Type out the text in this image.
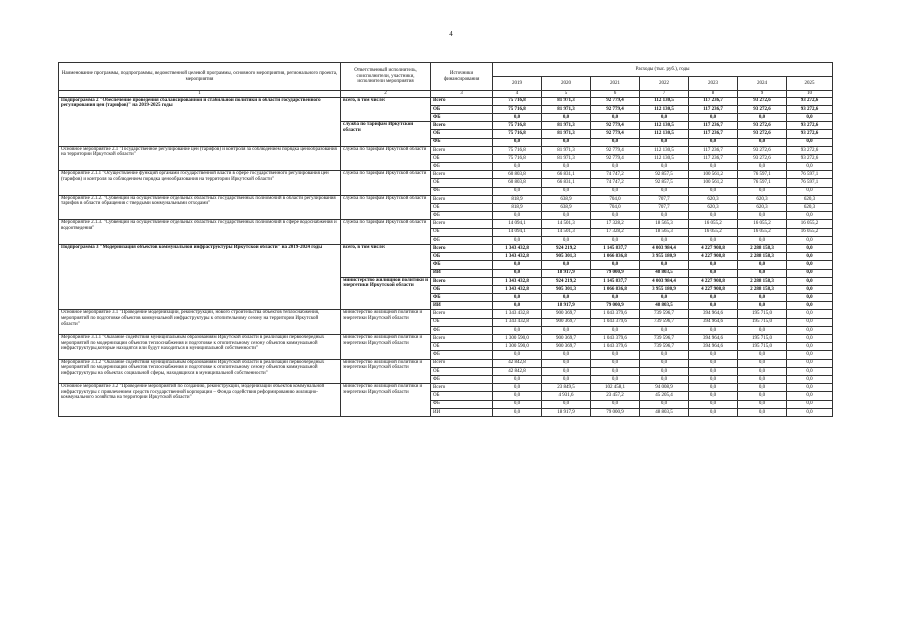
4
Наименование программы, подпрограммы, ведомственной целевой программы, основного мероприятия, регионального проекта, мероприятия	Ответственный исполнитель, соисполнители, участники, исполнители мероприятия	Источники финансирования	Расходы (тыс. руб.), годы						
			2019	2020	2021	2022	2023	2024	2025
1	2	3	4	5	6	7	8	9	10
Подпрограмма 2 "Обеспечение проведения сбалансированной и стабильной политики в области государственного регулирования цен (тарифов)" на 2019-2025 годы	всего, в том числе:	Всего	75 716,8	81 971,3	92 779,4	112 130,5	117 236,7	93 272,6	93 272,6
		ОБ	75 716,8	81 971,3	92 779,4	112 130,5	117 236,7	93 272,6	93 272,6
		ФБ	0,0	0,0	0,0	0,0	0,0	0,0	0,0
	служба по тарифам Иркутской области	Всего	75 716,8	81 971,3	92 779,4	112 130,5	117 236,7	93 272,6	93 272,6
		ОБ	75 716,8	81 971,3	92 779,4	112 130,5	117 236,7	93 272,6	93 272,6
		ФБ	0,0	0,0	0,0	0,0	0,0	0,0	0,0
Основное мероприятие 2.1 "Государственное регулирование цен (тарифов) и контроля за соблюдением порядка ценообразования на территории Иркутской области"	служба по тарифам Иркутской области	Всего	75 716,8	81 971,3	92 779,4	112 130,5	117 236,7	93 272,6	93 272,6
		ОБ	75 716,8	81 971,3	92 779,4	112 130,5	117 236,7	93 272,6	93 272,6
		ФБ	0,0	0,0	0,0	0,0	0,0	0,0	0,0
Мероприятие 2.1.1 "Осуществление функций органами государственной власти в сфере государственного регулирования цен (тарифов) и контроля за соблюдением порядка ценообразования на территории Иркутской области"	служба по тарифам Иркутской области	Всего	60 803,8	66 831,1	74 747,2	92 857,5	100 561,2	76 597,1	76 597,1
		ОБ	60 803,8	66 831,1	74 747,2	92 857,5	100 561,2	76 597,1	76 597,1
		ФБ	0,0	0,0	0,0	0,0	0,0	0,0	0,0
Мероприятие 2.1.2. "Субвенции на осуществление отдельных областных государственных полномочий в области регулирования тарифов в области обращения с твердыми коммунальными отходами"	служба по тарифам Иркутской области	Всего	818,9	638,9	704,0	707,7	620,3	620,3	620,3
		ОБ	818,9	638,9	704,0	707,7	620,3	620,3	620,3
		ФБ	0,0	0,0	0,0	0,0	0,0	0,0	0,0
Мероприятие 2.1.3. "Субвенции на осуществление отдельных областных государственных полномочий в сфере водоснабжения и водоотведения"	служба по тарифам Иркутской области	Всего	14 094,1	14 501,3	17 328,2	18 565,3	16 055,2	16 055,2	16 055,2
		ОБ	14 094,1	14 501,3	17 328,2	18 565,3	16 055,2	16 055,2	16 055,2
		ФБ	0,0	0,0	0,0	0,0	0,0	0,0	0,0
Подпрограмма 3 "Модернизация объектов коммунальной инфраструктуры Иркутской области" на 2019-2024 годы	всего, в том числе:	Всего	1 343 432,8	924 219,2	1 145 837,7	4 003 984,4	4 227 908,8	2 288 158,3	0,0
		ОБ	1 343 432,8	905 301,3	1 066 836,8	3 955 180,9	4 227 908,8	2 288 158,3	0,0
		ФБ	0,0	0,0	0,0	0,0	0,0	0,0	0,0
		ИИ	0,0	18 917,9	79 000,9	48 803,5	0,0	0,0	0,0
	министерство жилищной политики и энергетики Иркутской области	Всего	1 343 432,8	924 219,2	1 145 837,7	4 003 984,4	4 227 908,8	2 288 158,3	0,0
		ОБ	1 343 432,8	905 301,3	1 066 836,8	3 955 180,9	4 227 908,8	2 288 158,3	0,0
		ФБ	0,0	0,0	0,0	0,0	0,0	0,0	0,0
		ИИ	0,0	18 917,9	79 000,9	48 803,5	0,0	0,0	0,0
Основное мероприятие 3.1 "Проведение модернизации, реконструкции, нового строительства объектов теплоснабжения, мероприятий по подготовке объектов коммунальной инфраструктуры к отопительному сезону на территории Иркутской области"	министерство жилищной политики и энергетики Иркутской области	Всего	1 343 432,8	900 369,7	1 043 379,6	739 596,7	394 964,6	195 715,0	0,0
		ОБ	1 343 432,8	900 369,7	1 043 379,6	739 596,7	394 964,6	195 715,0	0,0
		ФБ	0,0	0,0	0,0	0,0	0,0	0,0	0,0
Мероприятие 3.1.1 "Оказание содействия муниципальным образованиям Иркутской области в реализации первоочередных мероприятий по модернизации объектов теплоснабжения и подготовке к отопительному сезону объектов коммунальной инфраструктуры,которые находятся или будут находиться в муниципальной собственности"	министерство жилищной политики и энергетики Иркутской области	Всего	1 300 590,0	900 369,7	1 043 379,6	739 596,7	394 964,6	195 715,0	0,0
		ОБ	1 300 590,0	900 369,7	1 043 379,6	739 596,7	394 964,6	195 715,0	0,0
		ФБ	0,0	0,0	0,0	0,0	0,0	0,0	0,0
Мероприятие 3.1.2 "Оказание содействия муниципальным образованиям Иркутской области в реализации первоочередных мероприятий по модернизации объектов теплоснабжения и подготовке к отопительному сезону объектов коммунальной инфраструктуры на объектах социальной сферы, находящихся в муниципальной собственности"	министерство жилищной политики и энергетики Иркутской области	Всего	42 842,8	0,0	0,0	0,0	0,0	0,0	0,0
		ОБ	42 842,8	0,0	0,0	0,0	0,0	0,0	0,0
		ФБ	0,0	0,0	0,0	0,0	0,0	0,0	0,0
Основное мероприятие 3.2 "Проведение мероприятий по созданию, реконструкции, модернизации объектов коммунальной инфраструктуры с привлечением средств государственной корпорации – Фонда содействия реформированию жилищно-коммунального хозяйства на территории Иркутской области"	министерство жилищной политики и энергетики Иркутской области	Всего	0,0	23 849,5	102 458,1	94 008,9	0,0	0,0	0,0
		ОБ	0,0	4 931,6	23 457,2	45 205,4	0,0	0,0	0,0
		ФБ	0,0	0,0	0,0	0,0	0,0	0,0	0,0
		ИИ	0,0	18 917,9	79 000,9	48 803,5	0,0	0,0	0,0
